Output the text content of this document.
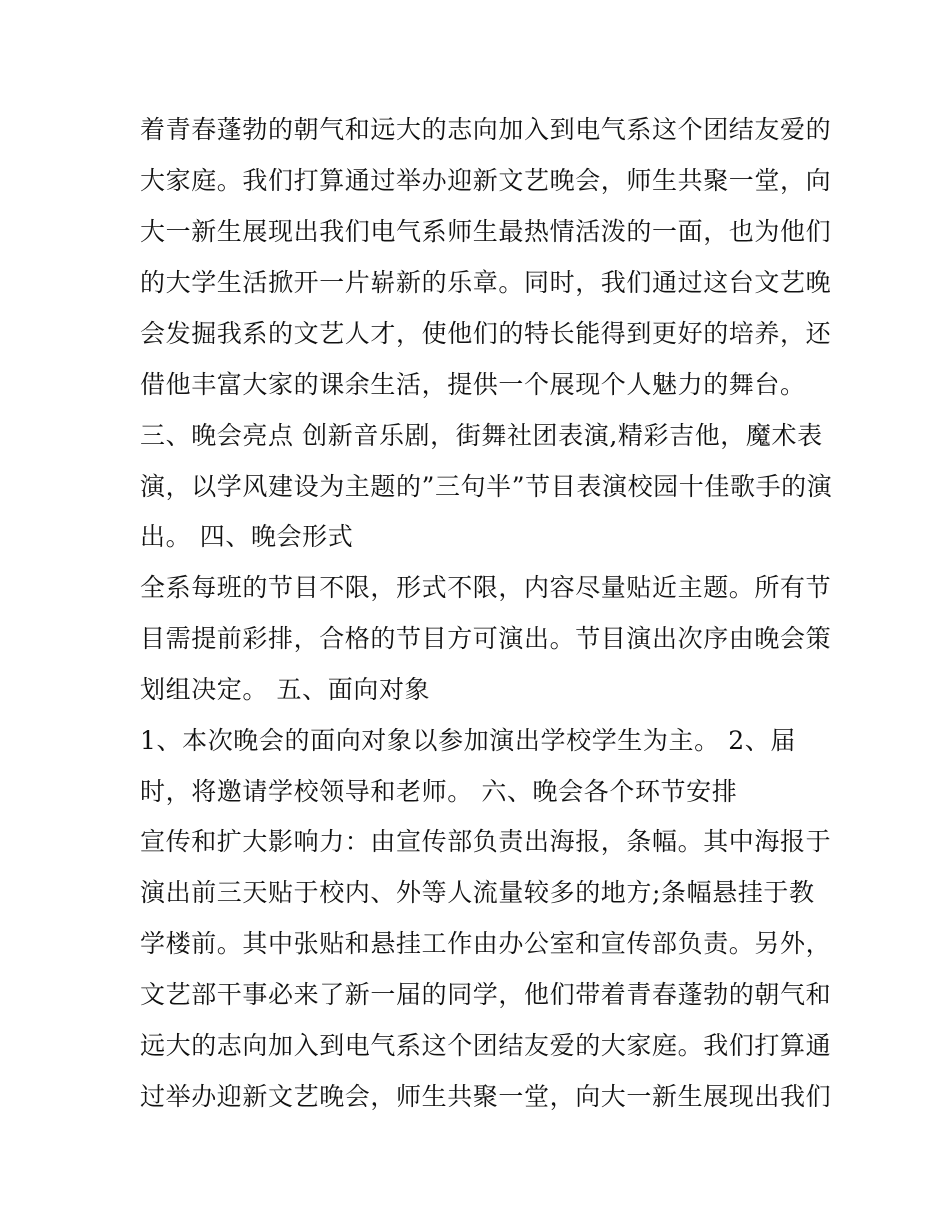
着青春蓬勃的朝气和远大的志向加入到电气系这个团结友爱的
大家庭。我们打算通过举办迎新文艺晚会，师生共聚一堂，向
大一新生展现出我们电气系师生最热情活泼的一面，也为他们
的大学生活掀开一片崭新的乐章。同时，我们通过这台文艺晚
会发掘我系的文艺人才，使他们的特长能得到更好的培养，还
借他丰富大家的课余生活，提供一个展现个人魅力的舞台。
三、晚会亮点 创新音乐剧，街舞社团表演,精彩吉他，魔术表
演，以学风建设为主题的”三句半”节目表演校园十佳歌手的演
出。 四、晚会形式
全系每班的节目不限，形式不限，内容尽量贴近主题。所有节
目需提前彩排，合格的节目方可演出。节目演出次序由晚会策
划组决定。 五、面向对象
1、本次晚会的面向对象以参加演出学校学生为主。 2、届
时，将邀请学校领导和老师。 六、晚会各个环节安排
宣传和扩大影响力：由宣传部负责出海报，条幅。其中海报于
演出前三天贴于校内、外等人流量较多的地方;条幅悬挂于教
学楼前。其中张贴和悬挂工作由办公室和宣传部负责。另外，
文艺部干事必来了新一届的同学，他们带着青春蓬勃的朝气和
远大的志向加入到电气系这个团结友爱的大家庭。我们打算通
过举办迎新文艺晚会，师生共聚一堂，向大一新生展现出我们
